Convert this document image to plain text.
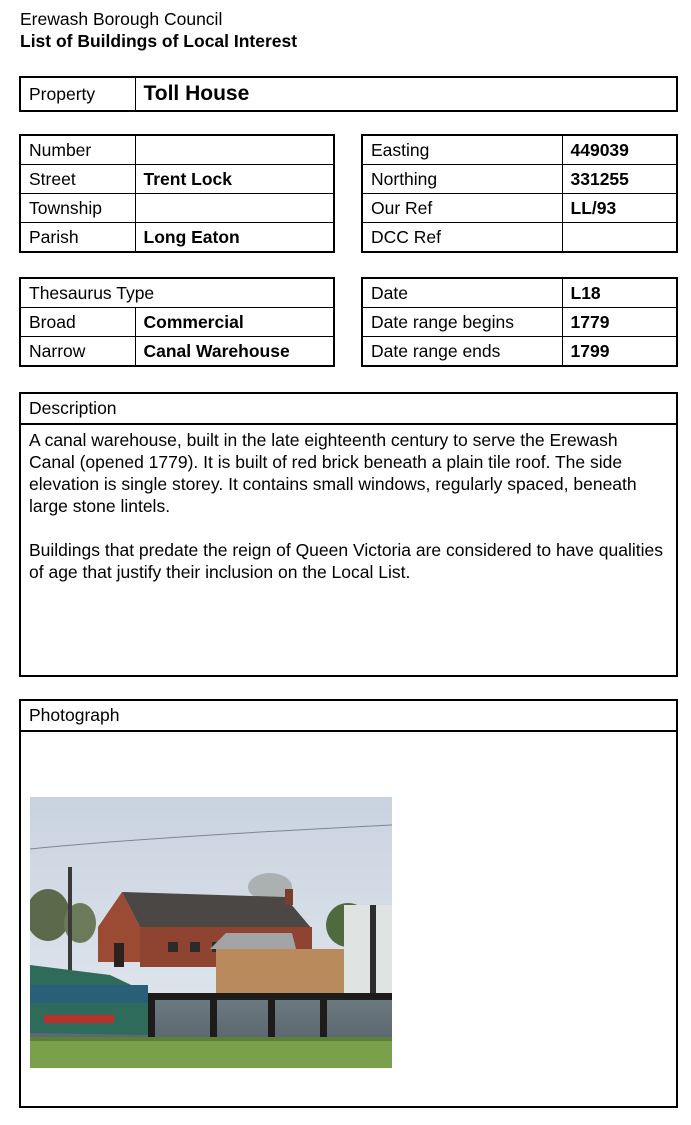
Erewash Borough Council
List of Buildings of Local Interest
Property	Toll House
Number	
Street	Trent Lock
Township	
Parish	Long Eaton
Easting	449039
Northing	331255
Our Ref	LL/93
DCC Ref	
Thesaurus Type	
Broad	Commercial
Narrow	Canal Warehouse
Date	L18
Date range begins	1779
Date range ends	1799
Description

A canal warehouse, built in the late eighteenth century to serve the Erewash Canal (opened 1779). It is built of red brick beneath a plain tile roof. The side elevation is single storey. It contains small windows, regularly spaced, beneath large stone lintels.

Buildings that predate the reign of Queen Victoria are considered to have qualities of age that justify their inclusion on the Local List.

Photograph
